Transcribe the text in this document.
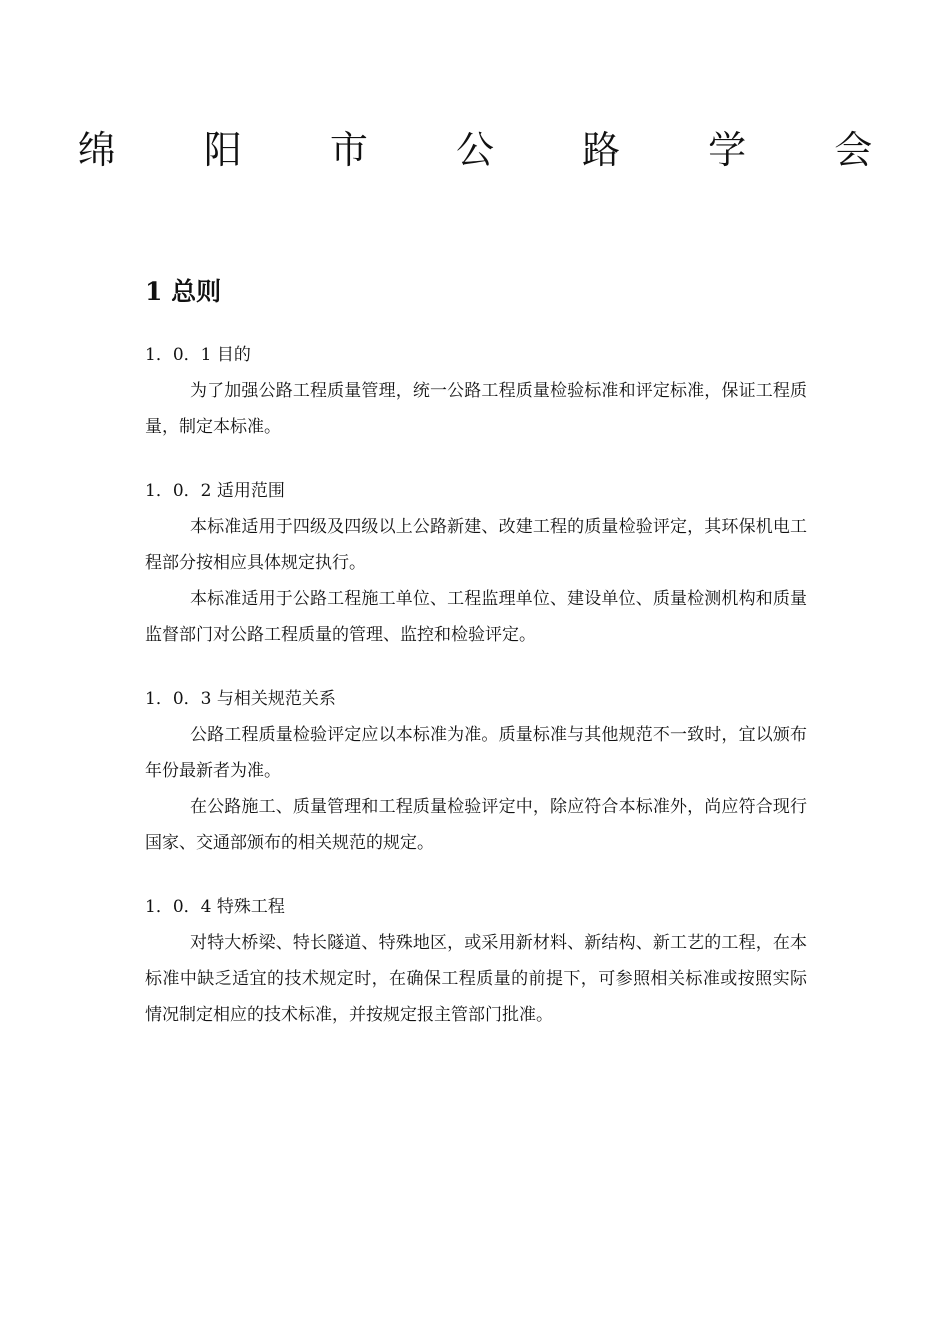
绵 阳 市 公 路 学 会
1 总则
1．0．1 目的

为了加强公路工程质量管理，统一公路工程质量检验标准和评定标准，保证工程质量，制定本标准。

1．0．2 适用范围

本标准适用于四级及四级以上公路新建、改建工程的质量检验评定，其环保机电工程部分按相应具体规定执行。

本标准适用于公路工程施工单位、工程监理单位、建设单位、质量检测机构和质量监督部门对公路工程质量的管理、监控和检验评定。

1．0．3 与相关规范关系

公路工程质量检验评定应以本标准为准。质量标准与其他规范不一致时，宜以颁布年份最新者为准。

在公路施工、质量管理和工程质量检验评定中，除应符合本标准外，尚应符合现行国家、交通部颁布的相关规范的规定。

1．0．4 特殊工程

对特大桥梁、特长隧道、特殊地区，或采用新材料、新结构、新工艺的工程，在本标准中缺乏适宜的技术规定时，在确保工程质量的前提下，可参照相关标准或按照实际情况制定相应的技术标准，并按规定报主管部门批准。
